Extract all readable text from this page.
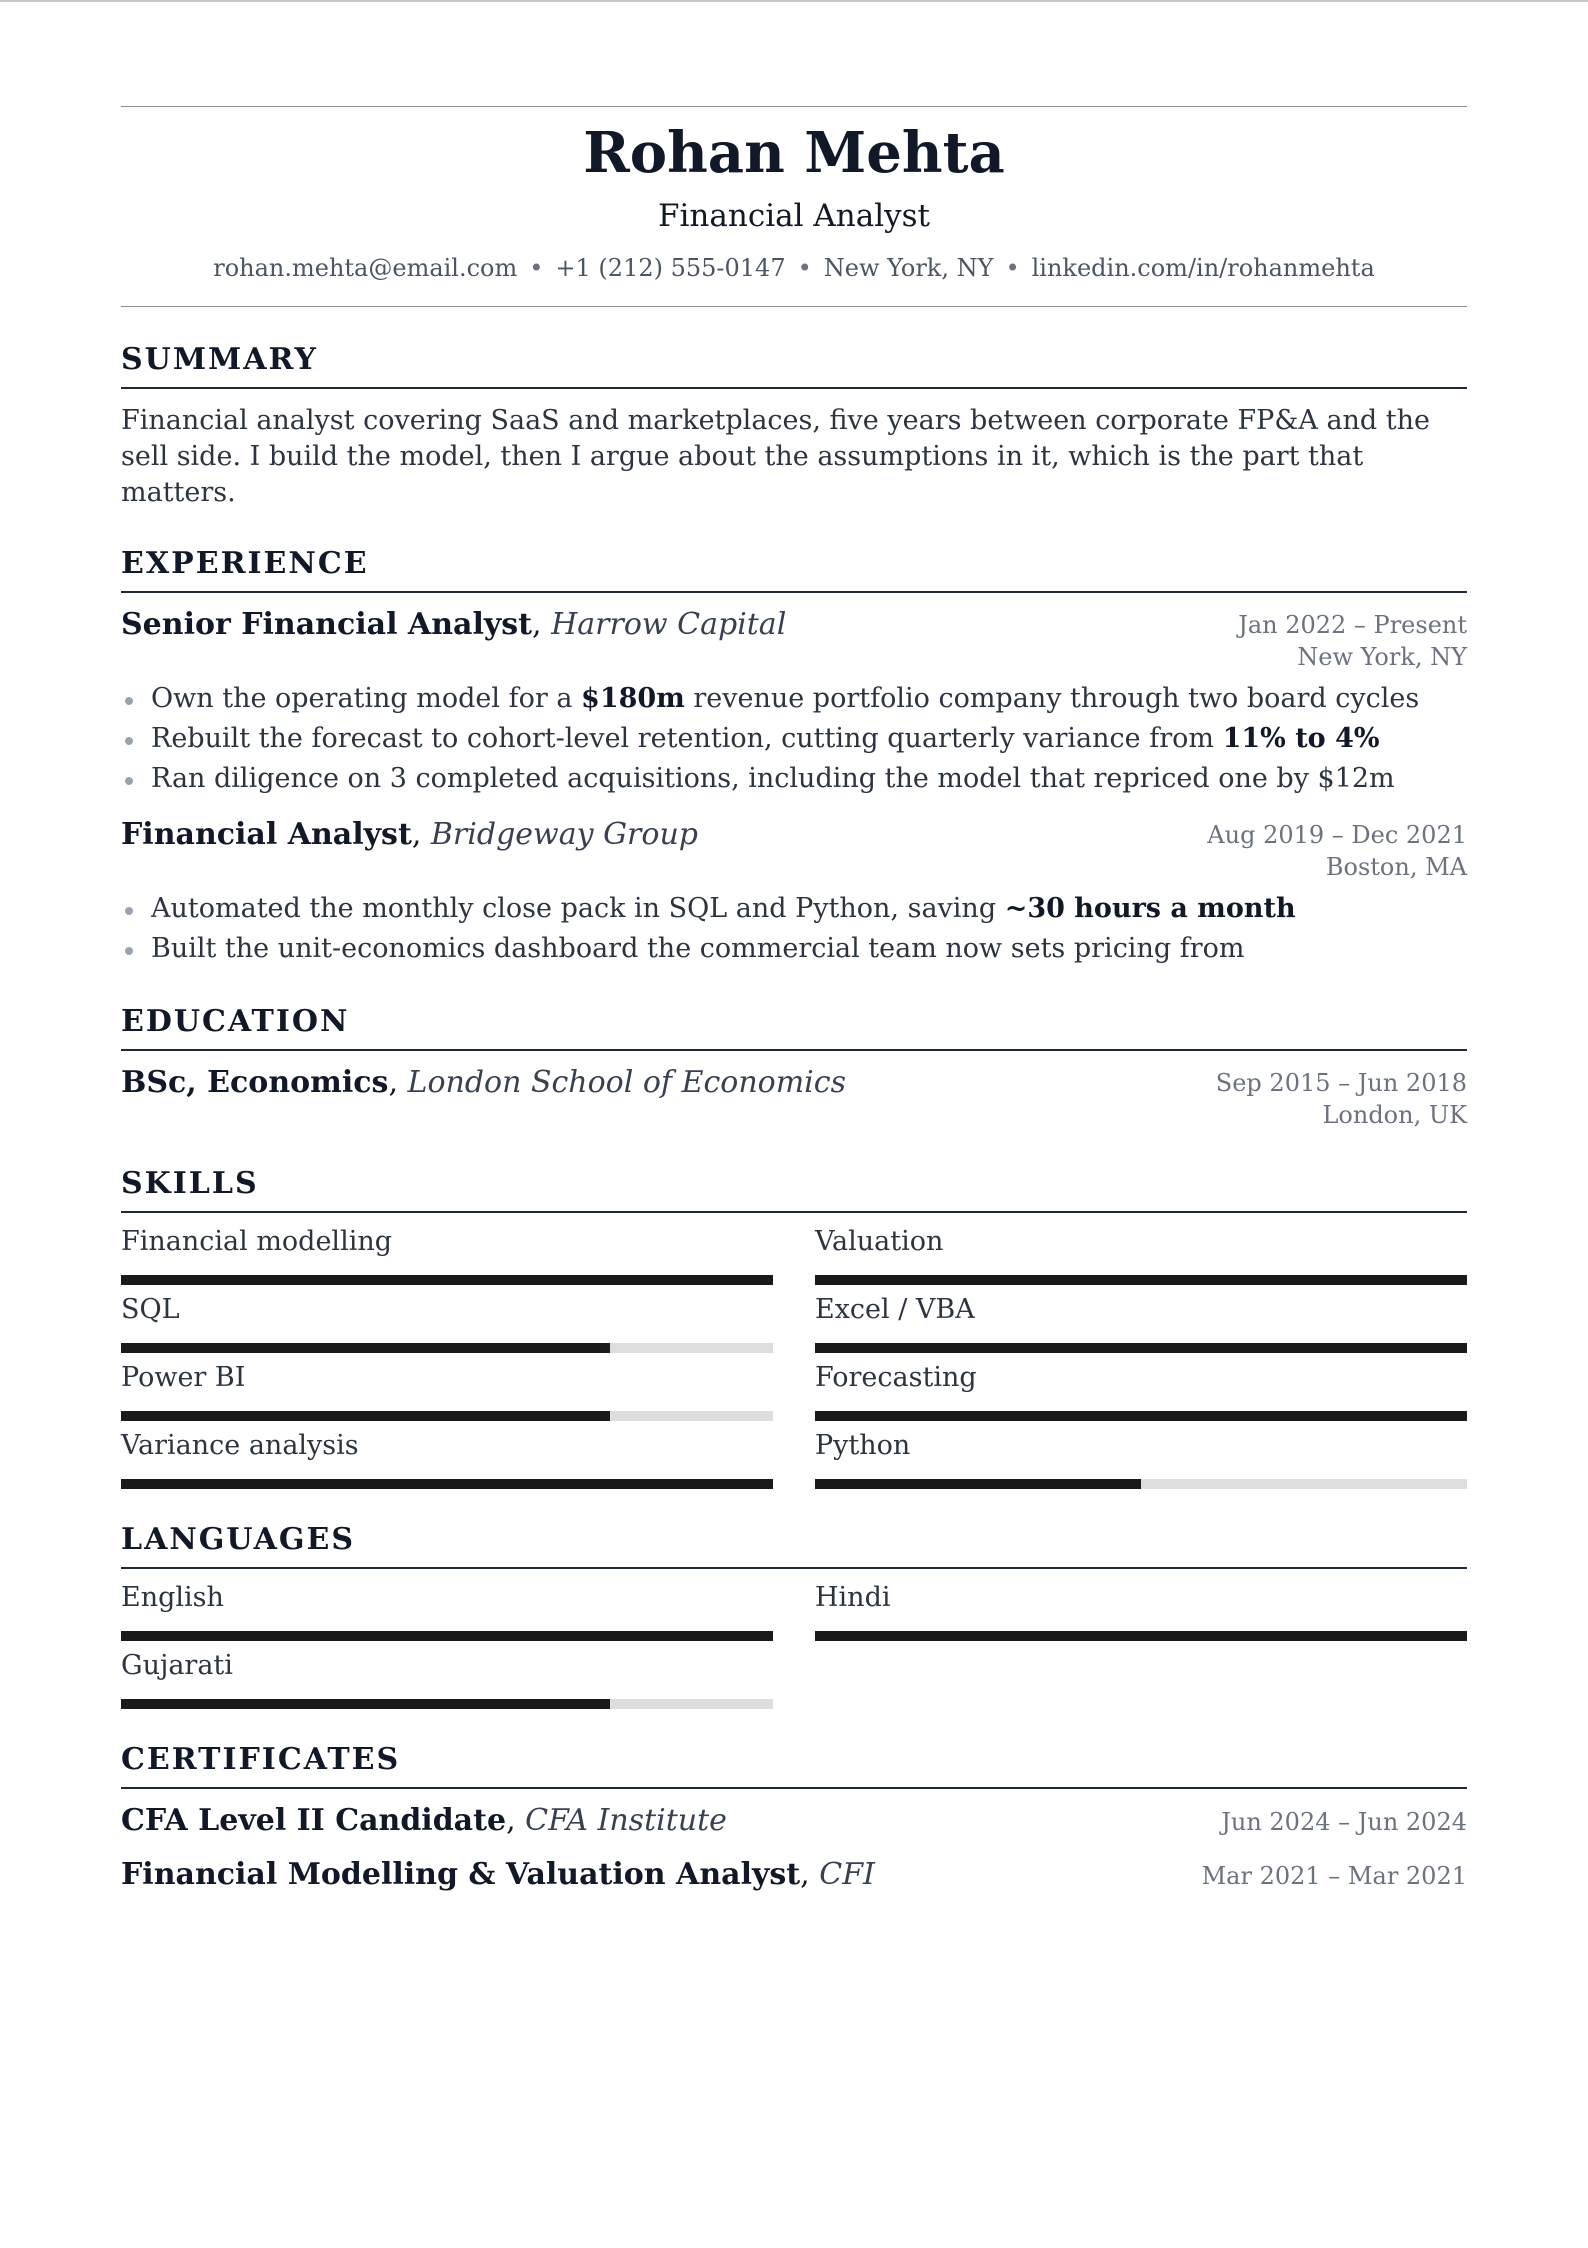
Rohan Mehta
Financial Analyst
rohan.mehta@email.com • +1 (212) 555-0147 • New York, NY • linkedin.com/in/rohanmehta
SUMMARY
Financial analyst covering SaaS and marketplaces, five years between corporate FP&A and the sell side. I build the model, then I argue about the assumptions in it, which is the part that matters.
EXPERIENCE
Senior Financial Analyst, Harrow Capital	Jan 2022 – Present
New York, NY
Own the operating model for a $180m revenue portfolio company through two board cycles
Rebuilt the forecast to cohort-level retention, cutting quarterly variance from 11% to 4%
Ran diligence on 3 completed acquisitions, including the model that repriced one by $12m
Financial Analyst, Bridgeway Group	Aug 2019 – Dec 2021
Boston, MA
Automated the monthly close pack in SQL and Python, saving ~30 hours a month
Built the unit-economics dashboard the commercial team now sets pricing from
EDUCATION
BSc, Economics, London School of Economics	Sep 2015 – Jun 2018
London, UK
SKILLS
Financial modelling	Valuation
SQL	Excel / VBA
Power BI	Forecasting
Variance analysis	Python
LANGUAGES
English	Hindi
Gujarati
CERTIFICATES
CFA Level II Candidate, CFA Institute	Jun 2024 – Jun 2024
Financial Modelling & Valuation Analyst, CFI	Mar 2021 – Mar 2021
